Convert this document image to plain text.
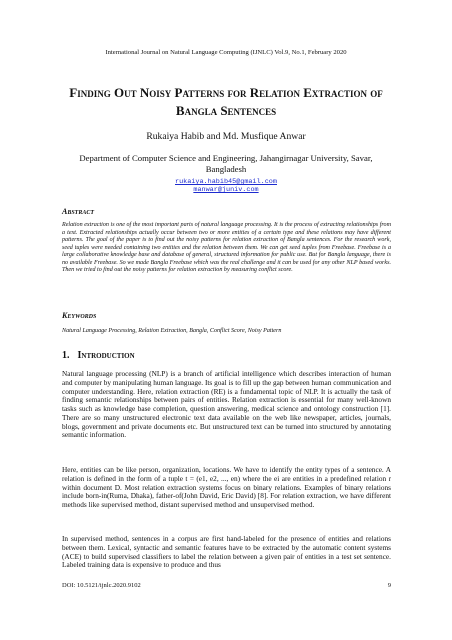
International Journal on Natural Language Computing (IJNLC) Vol.9, No.1, February 2020
Finding Out Noisy Patterns for Relation Extraction of Bangla Sentences
Rukaiya Habib and Md. Musfique Anwar
Department of Computer Science and Engineering, Jahangirnagar University, Savar, Bangladesh
rukaiya.habib45@gmail.com
manwar@juniv.com
Abstract
Relation extraction is one of the most important parts of natural language processing. It is the process of extracting relationships from a text. Extracted relationships actually occur between two or more entities of a certain type and these relations may have different patterns. The goal of the paper is to find out the noisy patterns for relation extraction of Bangla sentences. For the research work, seed tuples were needed containing two entities and the relation between them. We can get seed tuples from Freebase. Freebase is a large collaborative knowledge base and database of general, structured information for public use. But for Bangla language, there is no available Freebase. So we made Bangla Freebase which was the real challenge and it can be used for any other NLP based works. Then we tried to find out the noisy patterns for relation extraction by measuring conflict score.
Keywords
Natural Language Processing, Relation Extraction, Bangla, Conflict Score, Noisy Pattern
1. Introduction
Natural language processing (NLP) is a branch of artificial intelligence which describes interaction of human and computer by manipulating human language. Its goal is to fill up the gap between human communication and computer understanding. Here, relation extraction (RE) is a fundamental topic of NLP. It is actually the task of finding semantic relationships between pairs of entities. Relation extraction is essential for many well-known tasks such as knowledge base completion, question answering, medical science and ontology construction [1]. There are so many unstructured electronic text data available on the web like newspaper, articles, journals, blogs, government and private documents etc. But unstructured text can be turned into structured by annotating semantic information.
Here, entities can be like person, organization, locations. We have to identify the entity types of a sentence. A relation is defined in the form of a tuple t = (e1, e2, ..., en) where the ei are entities in a predefined relation r within document D. Most relation extraction systems focus on binary relations. Examples of binary relations include born-in(Ruma, Dhaka), father-of(John David, Eric David) [8]. For relation extraction, we have different methods like supervised method, distant supervised method and unsupervised method.
In supervised method, sentences in a corpus are first hand-labeled for the presence of entities and relations between them. Lexical, syntactic and semantic features have to be extracted by the automatic content systems (ACE) to build supervised classifiers to label the relation between a given pair of entities in a test set sentence. Labeled training data is expensive to produce and thus
DOI: 10.5121/ijnlc.2020.9102	9
